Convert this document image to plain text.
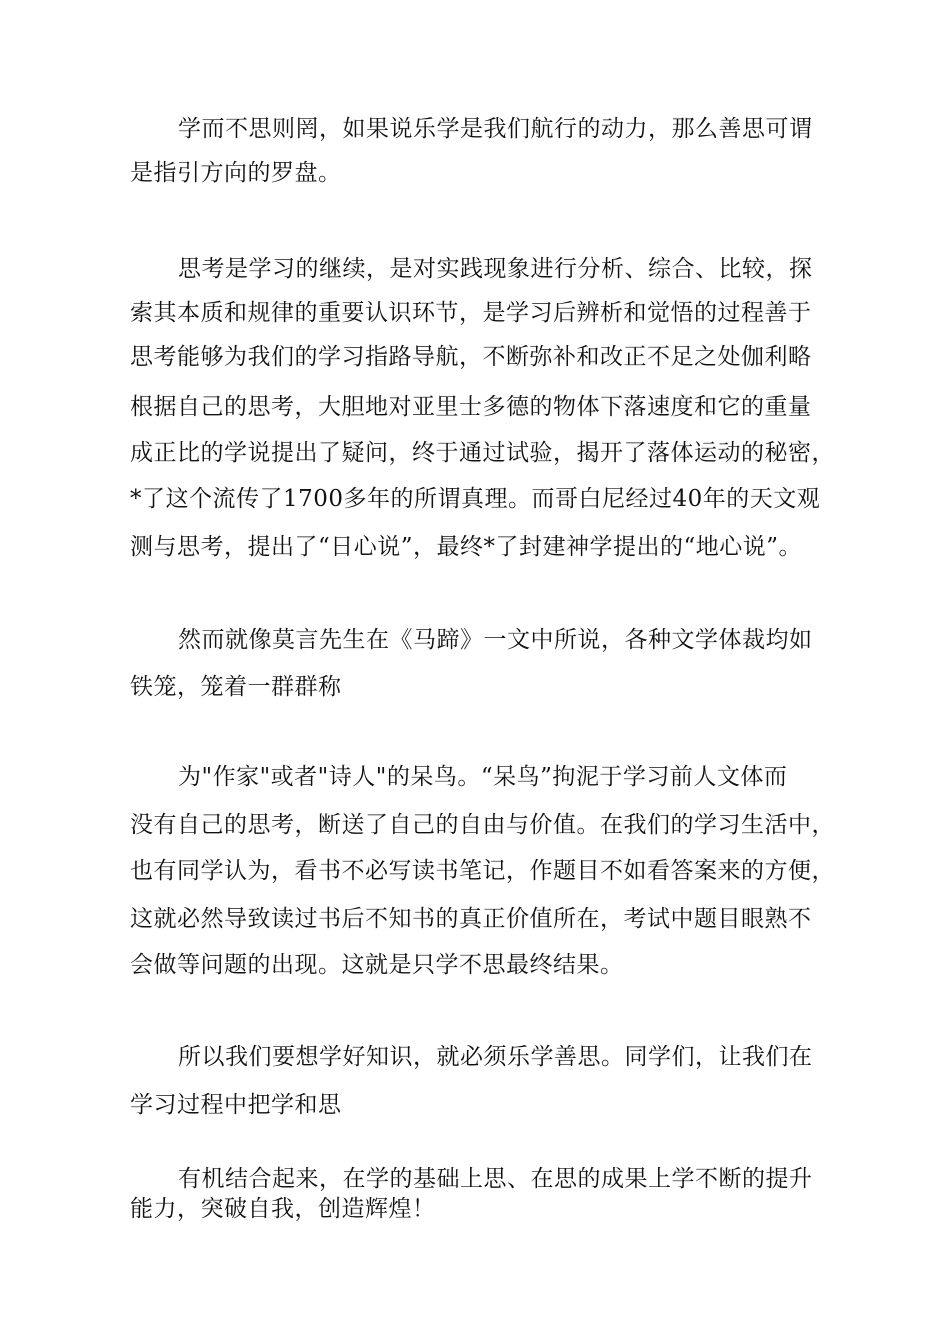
学而不思则罔，如果说乐学是我们航行的动力，那么善思可谓

是指引方向的罗盘。

思考是学习的继续，是对实践现象进行分析、综合、比较，探

索其本质和规律的重要认识环节，是学习后辨析和觉悟的过程善于

思考能够为我们的学习指路导航，不断弥补和改正不足之处伽利略

根据自己的思考，大胆地对亚里士多德的物体下落速度和它的重量

成正比的学说提出了疑问，终于通过试验，揭开了落体运动的秘密，

*了这个流传了1700多年的所谓真理。而哥白尼经过40年的天文观

测与思考，提出了“日心说”，最终*了封建神学提出的“地心说”。

然而就像莫言先生在《马蹄》一文中所说，各种文学体裁均如

铁笼，笼着一群群称

为"作家"或者"诗人"的呆鸟。“呆鸟”拘泥于学习前人文体而

没有自己的思考，断送了自己的自由与价值。在我们的学习生活中，

也有同学认为，看书不必写读书笔记，作题目不如看答案来的方便，

这就必然导致读过书后不知书的真正价值所在，考试中题目眼熟不

会做等问题的出现。这就是只学不思最终结果。

所以我们要想学好知识，就必须乐学善思。同学们，让我们在

学习过程中把学和思

有机结合起来，在学的基础上思、在思的成果上学不断的提升

能力，突破自我，创造辉煌！
